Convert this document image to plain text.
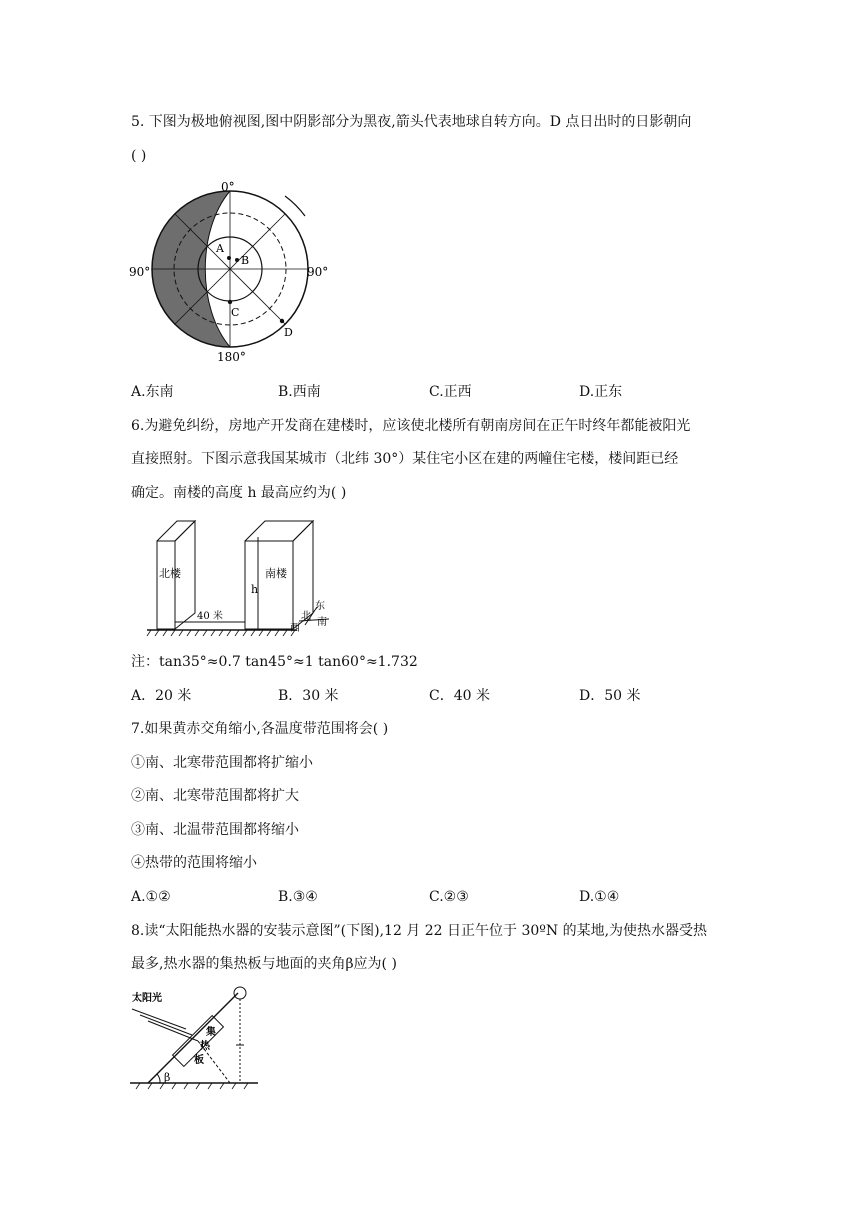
5. 下图为极地俯视图,图中阴影部分为黑夜,箭头代表地球自转方向。D 点日出时的日影朝向
( )
0°
180°
90°	90°
A
B
C
D
A.东南	B.西南	C.正西	D.正东
6.为避免纠纷，房地产开发商在建楼时，应该使北楼所有朝南房间在正午时终年都能被阳光
直接照射。下图示意我国某城市（北纬 30°）某住宅小区在建的两幢住宅楼，楼间距已经
确定。南楼的高度 h 最高应约为( )
北楼	南楼
h
40 米	北
西
东
南
注：tan35°≈0.7 tan45°≈1 tan60°≈1.732
A．20 米	B．30 米	C．40 米	D．50 米
7.如果黄赤交角缩小,各温度带范围将会( )
①南、北寒带范围都将扩缩小
②南、北寒带范围都将扩大
③南、北温带范围都将缩小
④热带的范围将缩小
A.①②	B.③④	C.②③	D.①④
8.读“太阳能热水器的安装示意图”(下图),12 月 22 日正午位于 30ºN 的某地,为使热水器受热
最多,热水器的集热板与地面的夹角β应为( )
太阳光
集
热
板
β
